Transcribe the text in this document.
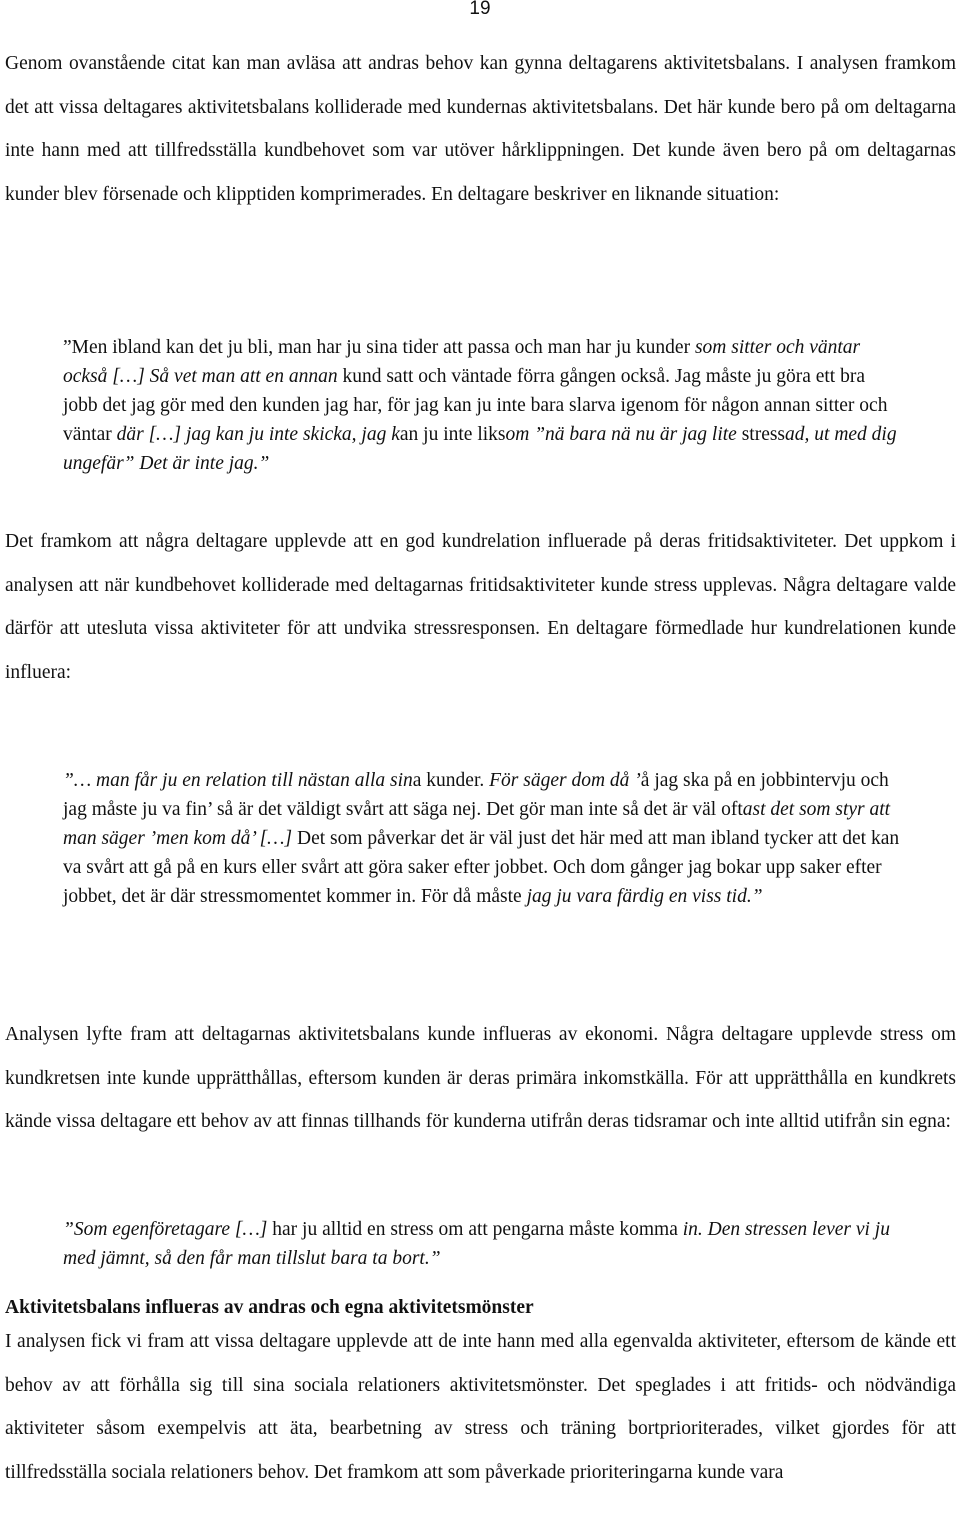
19

Genom ovanstående citat kan man avläsa att andras behov kan gynna deltagarens aktivitetsbalans. I analysen framkom det att vissa deltagares aktivitetsbalans kolliderade med kundernas aktivitetsbalans. Det här kunde bero på om deltagarna inte hann med att tillfredsställa kundbehovet som var utöver hårklippningen. Det kunde även bero på om deltagarnas kunder blev försenade och klipptiden komprimerades. En deltagare beskriver en liknande situation:

”Men ibland kan det ju bli, man har ju sina tider att passa och man har ju kunder som sitter och väntar också […] Så vet man att en annan kund satt och väntade förra gången också. Jag måste ju göra ett bra jobb det jag gör med den kunden jag har, för jag kan ju inte bara slarva igenom för någon annan sitter och väntar där […] jag kan ju inte skicka, jag kan ju inte liksom ”nä bara nä nu är jag lite stressad, ut med dig ungefär” Det är inte jag.”

Det framkom att några deltagare upplevde att en god kundrelation influerade på deras fritidsaktiviteter. Det uppkom i analysen att när kundbehovet kolliderade med deltagarnas fritidsaktiviteter kunde stress upplevas. Några deltagare valde därför att utesluta vissa aktiviteter för att undvika stressresponsen. En deltagare förmedlade hur kundrelationen kunde influera:

”… man får ju en relation till nästan alla sina kunder. För säger dom då ’å jag ska på en jobbintervju och jag måste ju va fin’ så är det väldigt svårt att säga nej. Det gör man inte så det är väl oftast det som styr att man säger ’men kom då’ […] Det som påverkar det är väl just det här med att man ibland tycker att det kan va svårt att gå på en kurs eller svårt att göra saker efter jobbet. Och dom gånger jag bokar upp saker efter jobbet, det är där stressmomentet kommer in. För då måste jag ju vara färdig en viss tid.”

Analysen lyfte fram att deltagarnas aktivitetsbalans kunde influeras av ekonomi. Några deltagare upplevde stress om kundkretsen inte kunde upprätthållas, eftersom kunden är deras primära inkomstkälla. För att upprätthålla en kundkrets kände vissa deltagare ett behov av att finnas tillhands för kunderna utifrån deras tidsramar och inte alltid utifrån sin egna:

”Som egenföretagare […] har ju alltid en stress om att pengarna måste komma in. Den stressen lever vi ju med jämnt, så den får man tillslut bara ta bort.”
Aktivitetsbalans influeras av andras och egna aktivitetsmönster

I analysen fick vi fram att vissa deltagare upplevde att de inte hann med alla egenvalda aktiviteter, eftersom de kände ett behov av att förhålla sig till sina sociala relationers aktivitetsmönster. Det speglades i att fritids- och nödvändiga aktiviteter såsom exempelvis att äta, bearbetning av stress och träning bortprioriterades, vilket gjordes för att tillfredsställa sociala relationers behov. Det framkom att som påverkade prioriteringarna kunde vara
